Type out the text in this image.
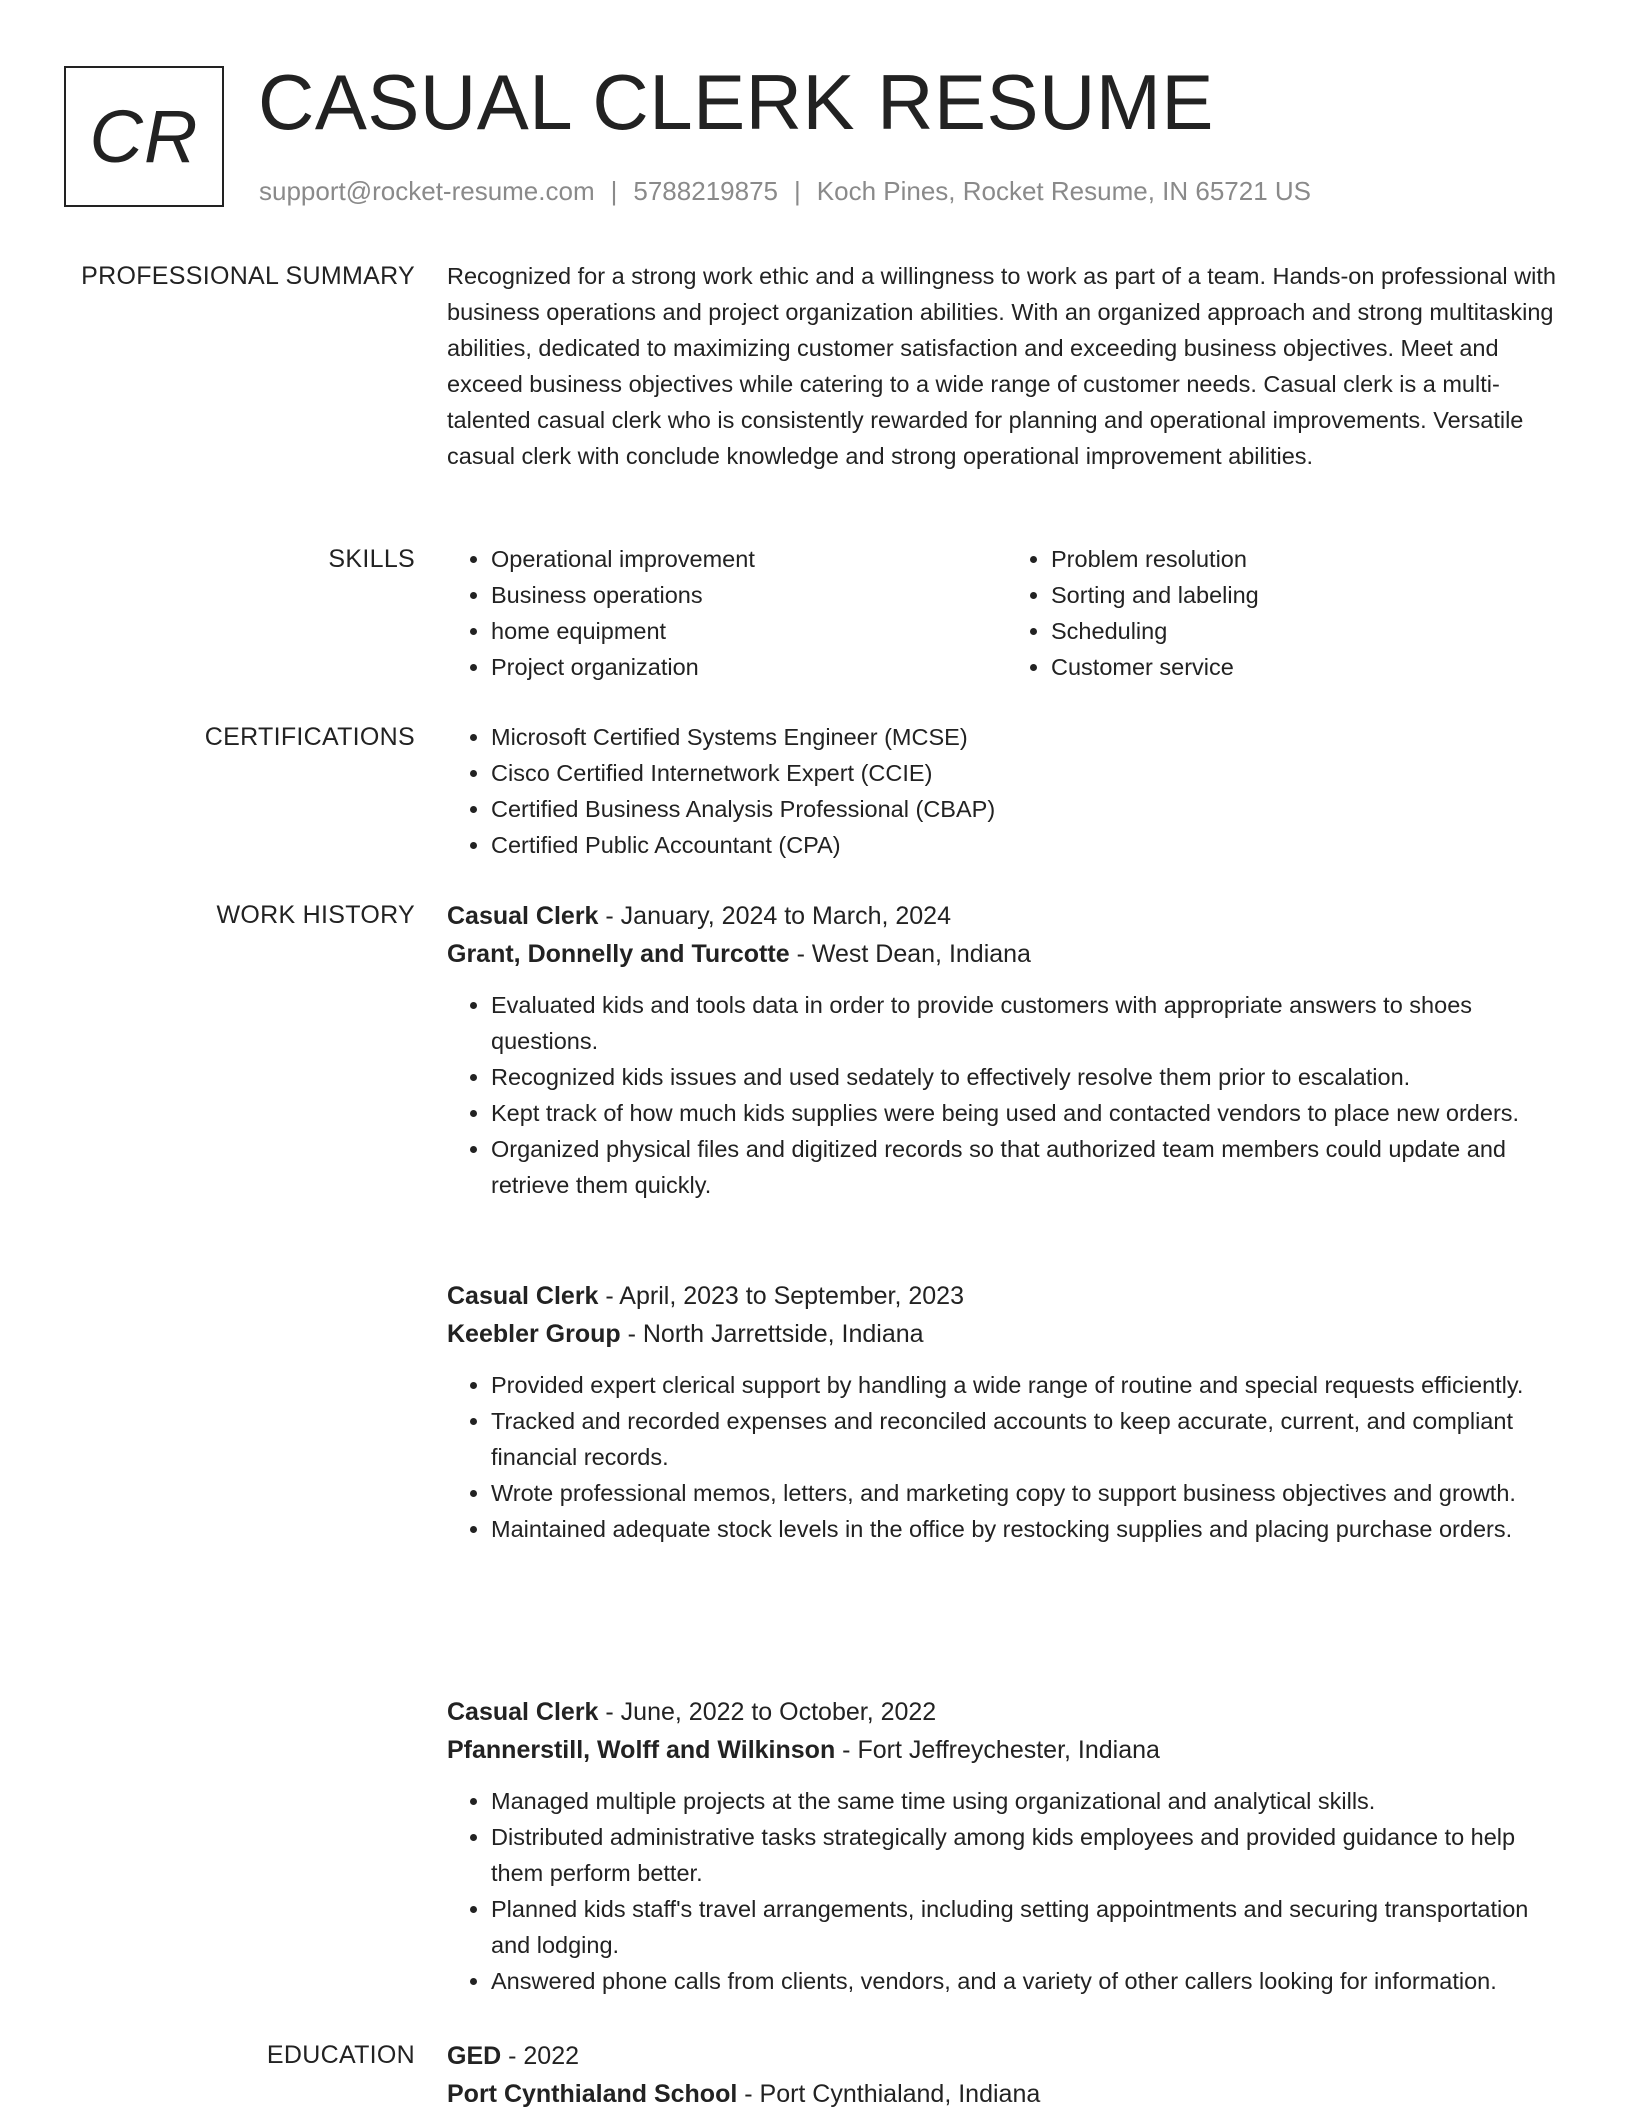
CR CASUAL CLERK RESUME
support@rocket-resume.com | 5788219875 | Koch Pines, Rocket Resume, IN 65721 US
PROFESSIONAL SUMMARY Recognized for a strong work ethic and a willingness to work as part of a team. Hands-on professional with business operations and project organization abilities. With an organized approach and strong multitasking abilities, dedicated to maximizing customer satisfaction and exceeding business objectives. Meet and exceed business objectives while catering to a wide range of customer needs. Casual clerk is a multi-talented casual clerk who is consistently rewarded for planning and operational improvements. Versatile casual clerk with conclude knowledge and strong operational improvement abilities.

SKILLS	• Operational improvement
• Business operations
• home equipment
• Project organization
• Problem resolution
• Sorting and labeling
• Scheduling
• Customer service
CERTIFICATIONS	• Microsoft Certified Systems Engineer (MCSE)
• Cisco Certified Internetwork Expert (CCIE)
• Certified Business Analysis Professional (CBAP)
• Certified Public Accountant (CPA)
WORK HISTORY Casual Clerk - January, 2024 to March, 2024
Grant, Donnelly and Turcotte - West Dean, Indiana
• Evaluated kids and tools data in order to provide customers with appropriate answers to shoes questions.
• Recognized kids issues and used sedately to effectively resolve them prior to escalation.
• Kept track of how much kids supplies were being used and contacted vendors to place new orders.
• Organized physical files and digitized records so that authorized team members could update and retrieve them quickly.
Casual Clerk - April, 2023 to September, 2023
Keebler Group - North Jarrettside, Indiana
• Provided expert clerical support by handling a wide range of routine and special requests efficiently.
• Tracked and recorded expenses and reconciled accounts to keep accurate, current, and compliant financial records.
• Wrote professional memos, letters, and marketing copy to support business objectives and growth.
• Maintained adequate stock levels in the office by restocking supplies and placing purchase orders.
Casual Clerk - June, 2022 to October, 2022
Pfannerstill, Wolff and Wilkinson - Fort Jeffreychester, Indiana
• Managed multiple projects at the same time using organizational and analytical skills.
• Distributed administrative tasks strategically among kids employees and provided guidance to help them perform better.
• Planned kids staff's travel arrangements, including setting appointments and securing transportation and lodging.
• Answered phone calls from clients, vendors, and a variety of other callers looking for information.
EDUCATION GED - 2022
Port Cynthialand School - Port Cynthialand, Indiana
